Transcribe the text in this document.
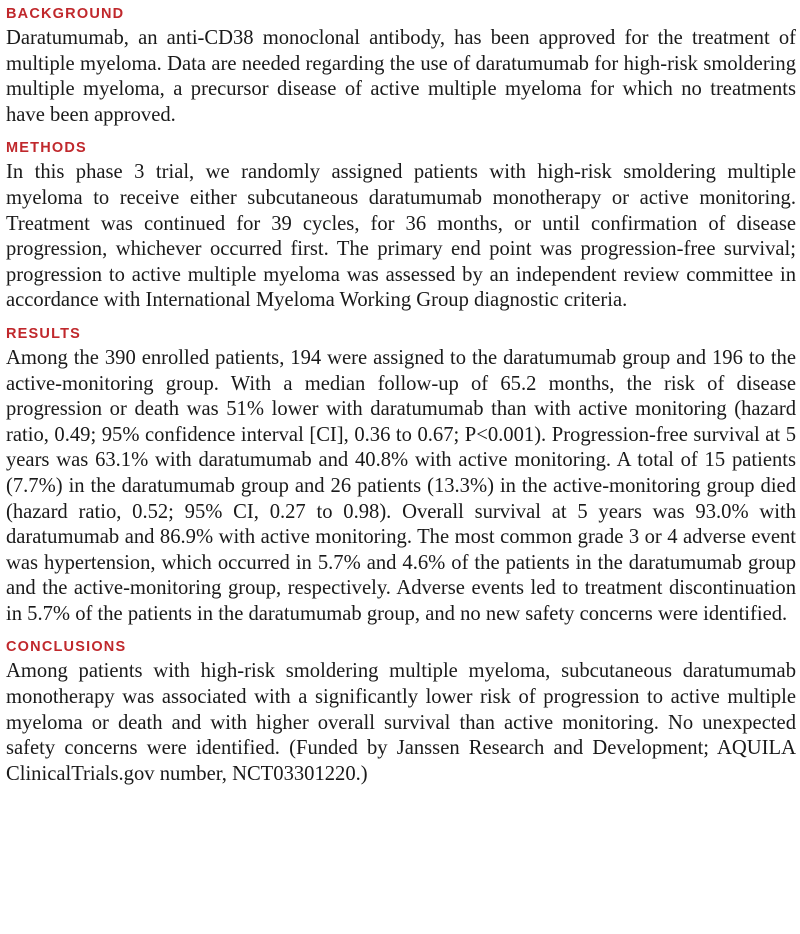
BACKGROUND

Daratumumab, an anti-CD38 monoclonal antibody, has been approved for the treatment of multiple myeloma. Data are needed regarding the use of daratumumab for high-risk smoldering multiple myeloma, a precursor disease of active multiple myeloma for which no treatments have been approved.

METHODS

In this phase 3 trial, we randomly assigned patients with high-risk smoldering multiple myeloma to receive either subcutaneous daratumumab monotherapy or active monitoring. Treatment was continued for 39 cycles, for 36 months, or until confirmation of disease progression, whichever occurred first. The primary end point was progression-free survival; progression to active multiple myeloma was assessed by an independent review committee in accordance with International Myeloma Working Group diagnostic criteria.

RESULTS

Among the 390 enrolled patients, 194 were assigned to the daratumumab group and 196 to the active-monitoring group. With a median follow-up of 65.2 months, the risk of disease progression or death was 51% lower with daratumumab than with active monitoring (hazard ratio, 0.49; 95% confidence interval [CI], 0.36 to 0.67; P<0.001). Progression-free survival at 5 years was 63.1% with daratumumab and 40.8% with active monitoring. A total of 15 patients (7.7%) in the daratumumab group and 26 patients (13.3%) in the active-monitoring group died (hazard ratio, 0.52; 95% CI, 0.27 to 0.98). Overall survival at 5 years was 93.0% with daratumumab and 86.9% with active monitoring. The most common grade 3 or 4 adverse event was hypertension, which occurred in 5.7% and 4.6% of the patients in the daratumumab group and the active-monitoring group, respectively. Adverse events led to treatment discontinuation in 5.7% of the patients in the daratumumab group, and no new safety concerns were identified.

CONCLUSIONS

Among patients with high-risk smoldering multiple myeloma, subcutaneous daratumumab monotherapy was associated with a significantly lower risk of progression to active multiple myeloma or death and with higher overall survival than active monitoring. No unexpected safety concerns were identified. (Funded by Janssen Research and Development; AQUILA ClinicalTrials.gov number, NCT03301220.)
